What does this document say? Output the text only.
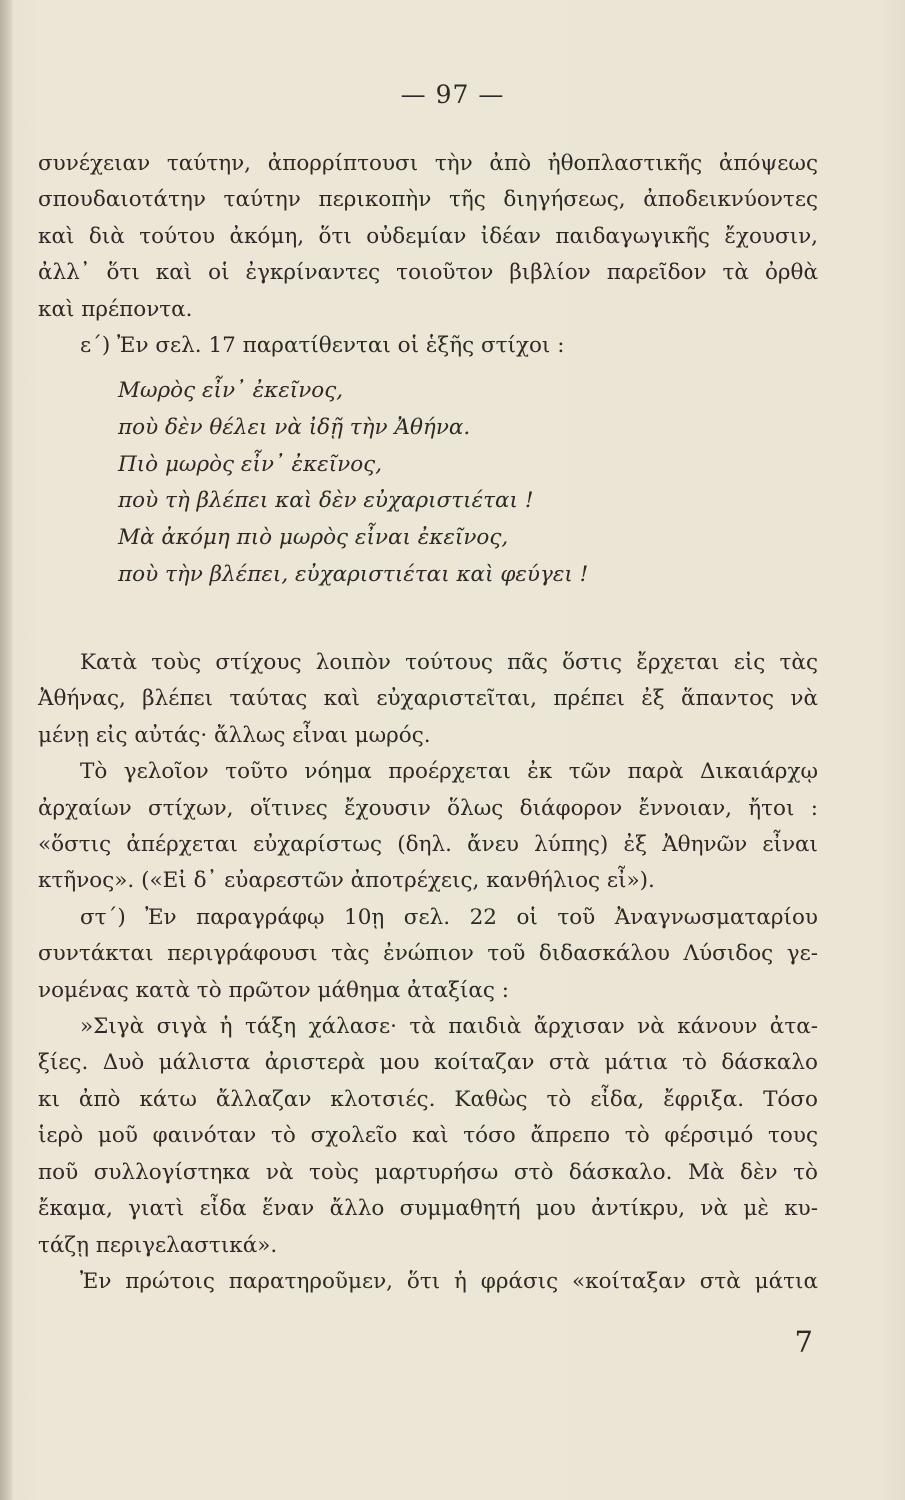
— 97 —
συνέχειαν ταύτην, ἀπορρίπτουσι τὴν ἀπὸ ἠθοπλαστικῆς ἀπόψεως
σπουδαιοτάτην ταύτην περικοπὴν τῆς διηγήσεως, ἀποδεικνύοντες
καὶ διὰ τούτου ἀκόμη, ὅτι οὐδεμίαν ἰδέαν παιδαγωγικῆς ἔχουσιν,
ἀλλ᾽ ὅτι καὶ οἱ ἐγκρίναντες τοιοῦτον βιβλίον παρεῖδον τὰ ὀρθὰ
καὶ πρέποντα.
ε΄) Ἐν σελ. 17 παρατίθενται οἱ ἑξῆς στίχοι :
Μωρὸς εἶν᾽ ἐκεῖνος,
ποὺ δὲν θέλει νὰ ἰδῇ τὴν Ἀθήνα.
Πιὸ μωρὸς εἶν᾽ ἐκεῖνος,
ποὺ τὴ βλέπει καὶ δὲν εὐχαριστιέται !
Μὰ ἀκόμη πιὸ μωρὸς εἶναι ἐκεῖνος,
ποὺ τὴν βλέπει, εὐχαριστιέται καὶ φεύγει !
Κατὰ τοὺς στίχους λοιπὸν τούτους πᾶς ὅστις ἔρχεται εἰς τὰς
Ἀθήνας, βλέπει ταύτας καὶ εὐχαριστεῖται, πρέπει ἐξ ἅπαντος νὰ
μένῃ εἰς αὐτάς· ἄλλως εἶναι μωρός.
Τὸ γελοῖον τοῦτο νόημα προέρχεται ἐκ τῶν παρὰ Δικαιάρχῳ
ἀρχαίων στίχων, οἵτινες ἔχουσιν ὅλως διάφορον ἔννοιαν, ἤτοι :
«ὅστις ἀπέρχεται εὐχαρίστως (δηλ. ἄνευ λύπης) ἐξ Ἀθηνῶν εἶναι
κτῆνος». («Εἰ δ᾽ εὐαρεστῶν ἀποτρέχεις, κανθήλιος εἶ»).
στ΄) Ἐν παραγράφῳ 10ῃ σελ. 22 οἱ τοῦ Ἀναγνωσματαρίου
συντάκται περιγράφουσι τὰς ἐνώπιον τοῦ διδασκάλου Λύσιδος γε-
νομένας κατὰ τὸ πρῶτον μάθημα ἀταξίας :
»Σιγὰ σιγὰ ἡ τάξη χάλασε· τὰ παιδιὰ ἄρχισαν νὰ κάνουν ἀτα-
ξίες. Δυὸ μάλιστα ἀριστερὰ μου κοίταζαν στὰ μάτια τὸ δάσκαλο
κι ἀπὸ κάτω ἄλλαζαν κλοτσιές. Καθὼς τὸ εἶδα, ἔφριξα. Τόσο
ἱερὸ μοῦ φαινόταν τὸ σχολεῖο καὶ τόσο ἄπρεπο τὸ φέρσιμό τους
ποῦ συλλογίστηκα νὰ τοὺς μαρτυρήσω στὸ δάσκαλο. Μὰ δὲν τὸ
ἔκαμα, γιατὶ εἶδα ἕναν ἄλλο συμμαθητή μου ἀντίκρυ, νὰ μὲ κυ-
τάζῃ περιγελαστικά».
Ἐν πρώτοις παρατηροῦμεν, ὅτι ἡ φράσις «κοίταξαν στὰ μάτια
7
